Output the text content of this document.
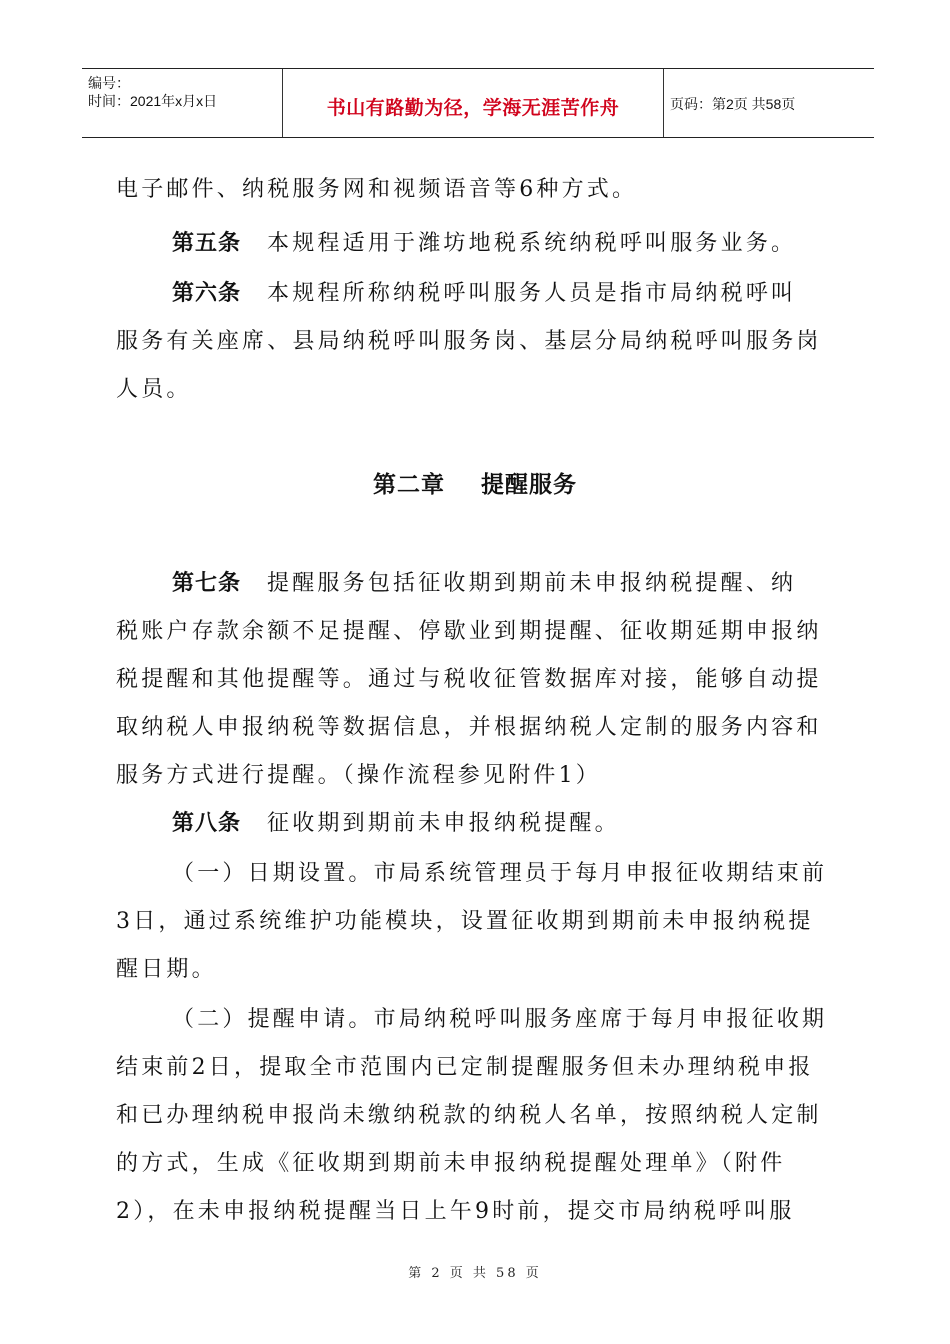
编号：
时间：2021年x月x日	书山有路勤为径，学海无涯苦作舟	页码：第2页 共58页
电子邮件、纳税服务网和视频语音等6种方式。
第五条 本规程适用于潍坊地税系统纳税呼叫服务业务。
第六条 本规程所称纳税呼叫服务人员是指市局纳税呼叫
服务有关座席、县局纳税呼叫服务岗、基层分局纳税呼叫服务岗
人员。
第二章    提醒服务
第七条 提醒服务包括征收期到期前未申报纳税提醒、纳
税账户存款余额不足提醒、停歇业到期提醒、征收期延期申报纳
税提醒和其他提醒等。通过与税收征管数据库对接，能够自动提
取纳税人申报纳税等数据信息，并根据纳税人定制的服务内容和
服务方式进行提醒。（操作流程参见附件1）
第八条 征收期到期前未申报纳税提醒。
（一）日期设置。市局系统管理员于每月申报征收期结束前
3日，通过系统维护功能模块，设置征收期到期前未申报纳税提
醒日期。
（二）提醒申请。市局纳税呼叫服务座席于每月申报征收期
结束前2日，提取全市范围内已定制提醒服务但未办理纳税申报
和已办理纳税申报尚未缴纳税款的纳税人名单，按照纳税人定制
的方式，生成《征收期到期前未申报纳税提醒处理单》（附件
2），在未申报纳税提醒当日上午9时前，提交市局纳税呼叫服
第 2 页 共 58 页
